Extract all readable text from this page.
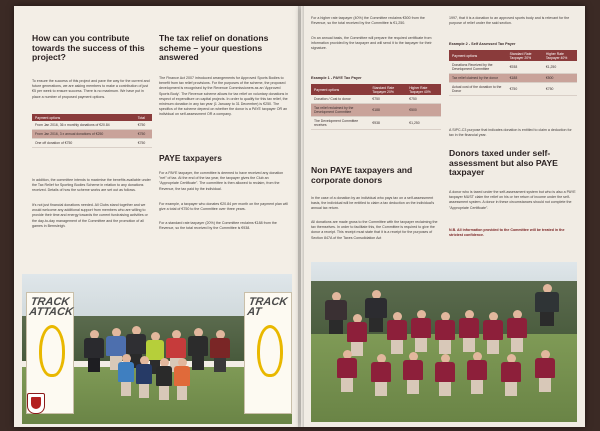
How can you contribute towards the success of this project?

To ensure the success of this project and pave the way for the current and future generations, we are asking members to make a contribution of just €5 per week to ensure success. There is no maximum. We have put in place a number of proposed payment options.

Payment options	Total
From Jan 2016, 36 x monthly donations of €20.84	€750
From Jan 2016, 3 x annual donations of €250	€750
One off donation of €750	€750

In addition, the committee intends to maximise the benefits available under the Tax Relief for Sporting Bodies Scheme in relation to any donations received. Details of how the scheme works are set out as follows.

It's not just financial donations needed. All Clubs stand together and we would welcome any additional support from members who are willing to provide their time and energy towards the current fundraising activities or the day-to-day management of the Committee and the promotion of all games in Bernsleigh.

The tax relief on donations scheme – your questions answered

The Finance Act 2007 introduced arrangements for Approved Sports Bodies to benefit from tax relief provisions. For the purposes of the scheme, the proposed development is recognised by the Revenue Commissioners as an 'Approved Sports Body'. The Revenue scheme allows for tax relief on voluntary donations in respect of expenditure on capital projects. In order to qualify for this tax relief, the minimum donation in any tax year (1 January to 31 December) is €250. The specifics of the scheme depend on whether the donor is a PAYE taxpayer OR an individual on self-assessment OR a company.

PAYE taxpayers

For a PAYE taxpayer, the committee is deemed to have received any donation "net" of tax. At the end of the tax year, the taxpayer gives the Club an "Appropriate Certificate". The committee is then allowed to reclaim, from the Revenue, the tax paid by the individual.

For example, a taxpayer who donates €20.84 per month on the payment plan will give a total of €750 to the Committee over three years.

For a standard rate taxpayer (20%) the Committee reclaims €188 from the Revenue, so the total received by the Committee is €938.

TRACK ATTACK
TRACK AT

For a higher rate taxpayer (40%) the Committee reclaims €500 from the Revenue, so the total received by the Committee is €1,250.

On an annual basis, the Committee will prepare the required certificate from information provided by the taxpayer and will send it to the taxpayer for their signature.

Example 1 - PAYE Tax Payer
Payment options	Standard Rate Taxpayer 20%	Higher Rate Taxpayer 40%
Donation / Cost to donor	€750	€750
Tax relief reclaimed by the Development Committee	€188	€500
The Development Committee receives	€938	€1,250
Non PAYE taxpayers and corporate donors

In the case of a donation by an individual who pays tax on a self-assessment basis, the individual will be entitled to claim a tax deduction on the individual's annual tax return.

All donations are made gross to the Committee with the taxpayer reclaiming the tax themselves. In order to facilitate this, the Committee is required to give the donor a receipt. This receipt must state that it is a receipt for the purposes of Section 847A of the Taxes Consolidation Act

1997, that it is a donation to an approved sports body and is relevant for the purpose of relief under the said section.

Example 2 - Self Assessed Tax Payer
Payment options	Standard Rate Taxpayer 20%	Higher Rate Taxpayer 40%
Donations Received by the Development Committee	€938	€1,250
Tax relief claimed by the donor	€188	€500
Actual cost of the donation to the Donor	€750	€750

A SIPC-C3 purpose that indicates donation is entitled to claim a deduction for tax in the financial year.

Donors taxed under self-assessment but also PAYE taxpayer

A donor who is taxed under the self-assessment system but who is also a PAYE taxpayer MUST claim the relief on his or her return of income under the self-assessment system. A donor in these circumstances should not complete the "Appropriate Certificate".

N.B. All information provided to the Committee will be treated in the strictest confidence.
